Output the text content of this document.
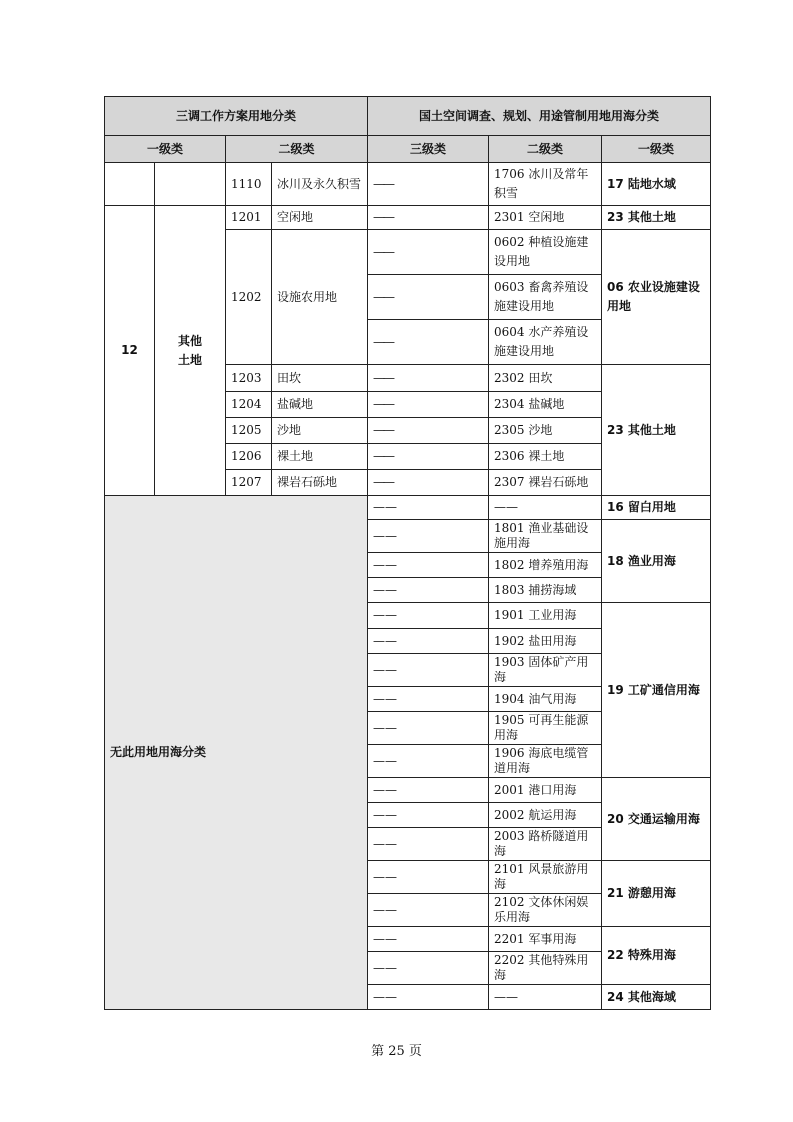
三调工作方案用地分类				国土空间调查、规划、用途管制用地用海分类		
一级类		二级类		三级类	二级类	一级类
		1110	冰川及永久积雪	——	1706 冰川及常年积雪	17 陆地水域
12	其他土地	1201	空闲地	——	2301 空闲地	23 其他土地
		1202	设施农用地	——	0602 种植设施建设用地	06 农业设施建设用地
				——	0603 畜禽养殖设施建设用地	
				——	0604 水产养殖设施建设用地	
		1203	田坎	——	2302 田坎	23 其他土地
		1204	盐碱地	——	2304 盐碱地	
		1205	沙地	——	2305 沙地	
		1206	裸土地	——	2306 裸土地	
		1207	裸岩石砾地	——	2307 裸岩石砾地	
无此用地用海分类				——	——	16 留白用地
				——	1801 渔业基础设施用海	18 渔业用海
				——	1802 增养殖用海	
				——	1803 捕捞海域	
				——	1901 工业用海	19 工矿通信用海
				——	1902 盐田用海	
				——	1903 固体矿产用海	
				——	1904 油气用海	
				——	1905 可再生能源用海	
				——	1906 海底电缆管道用海	
				——	2001 港口用海	20 交通运输用海
				——	2002 航运用海	
				——	2003 路桥隧道用海	
				——	2101 风景旅游用海	21 游憩用海
				——	2102 文体休闲娱乐用海	
				——	2201 军事用海	22 特殊用海
				——	2202 其他特殊用海	
				——	——	24 其他海域
第 25 页
